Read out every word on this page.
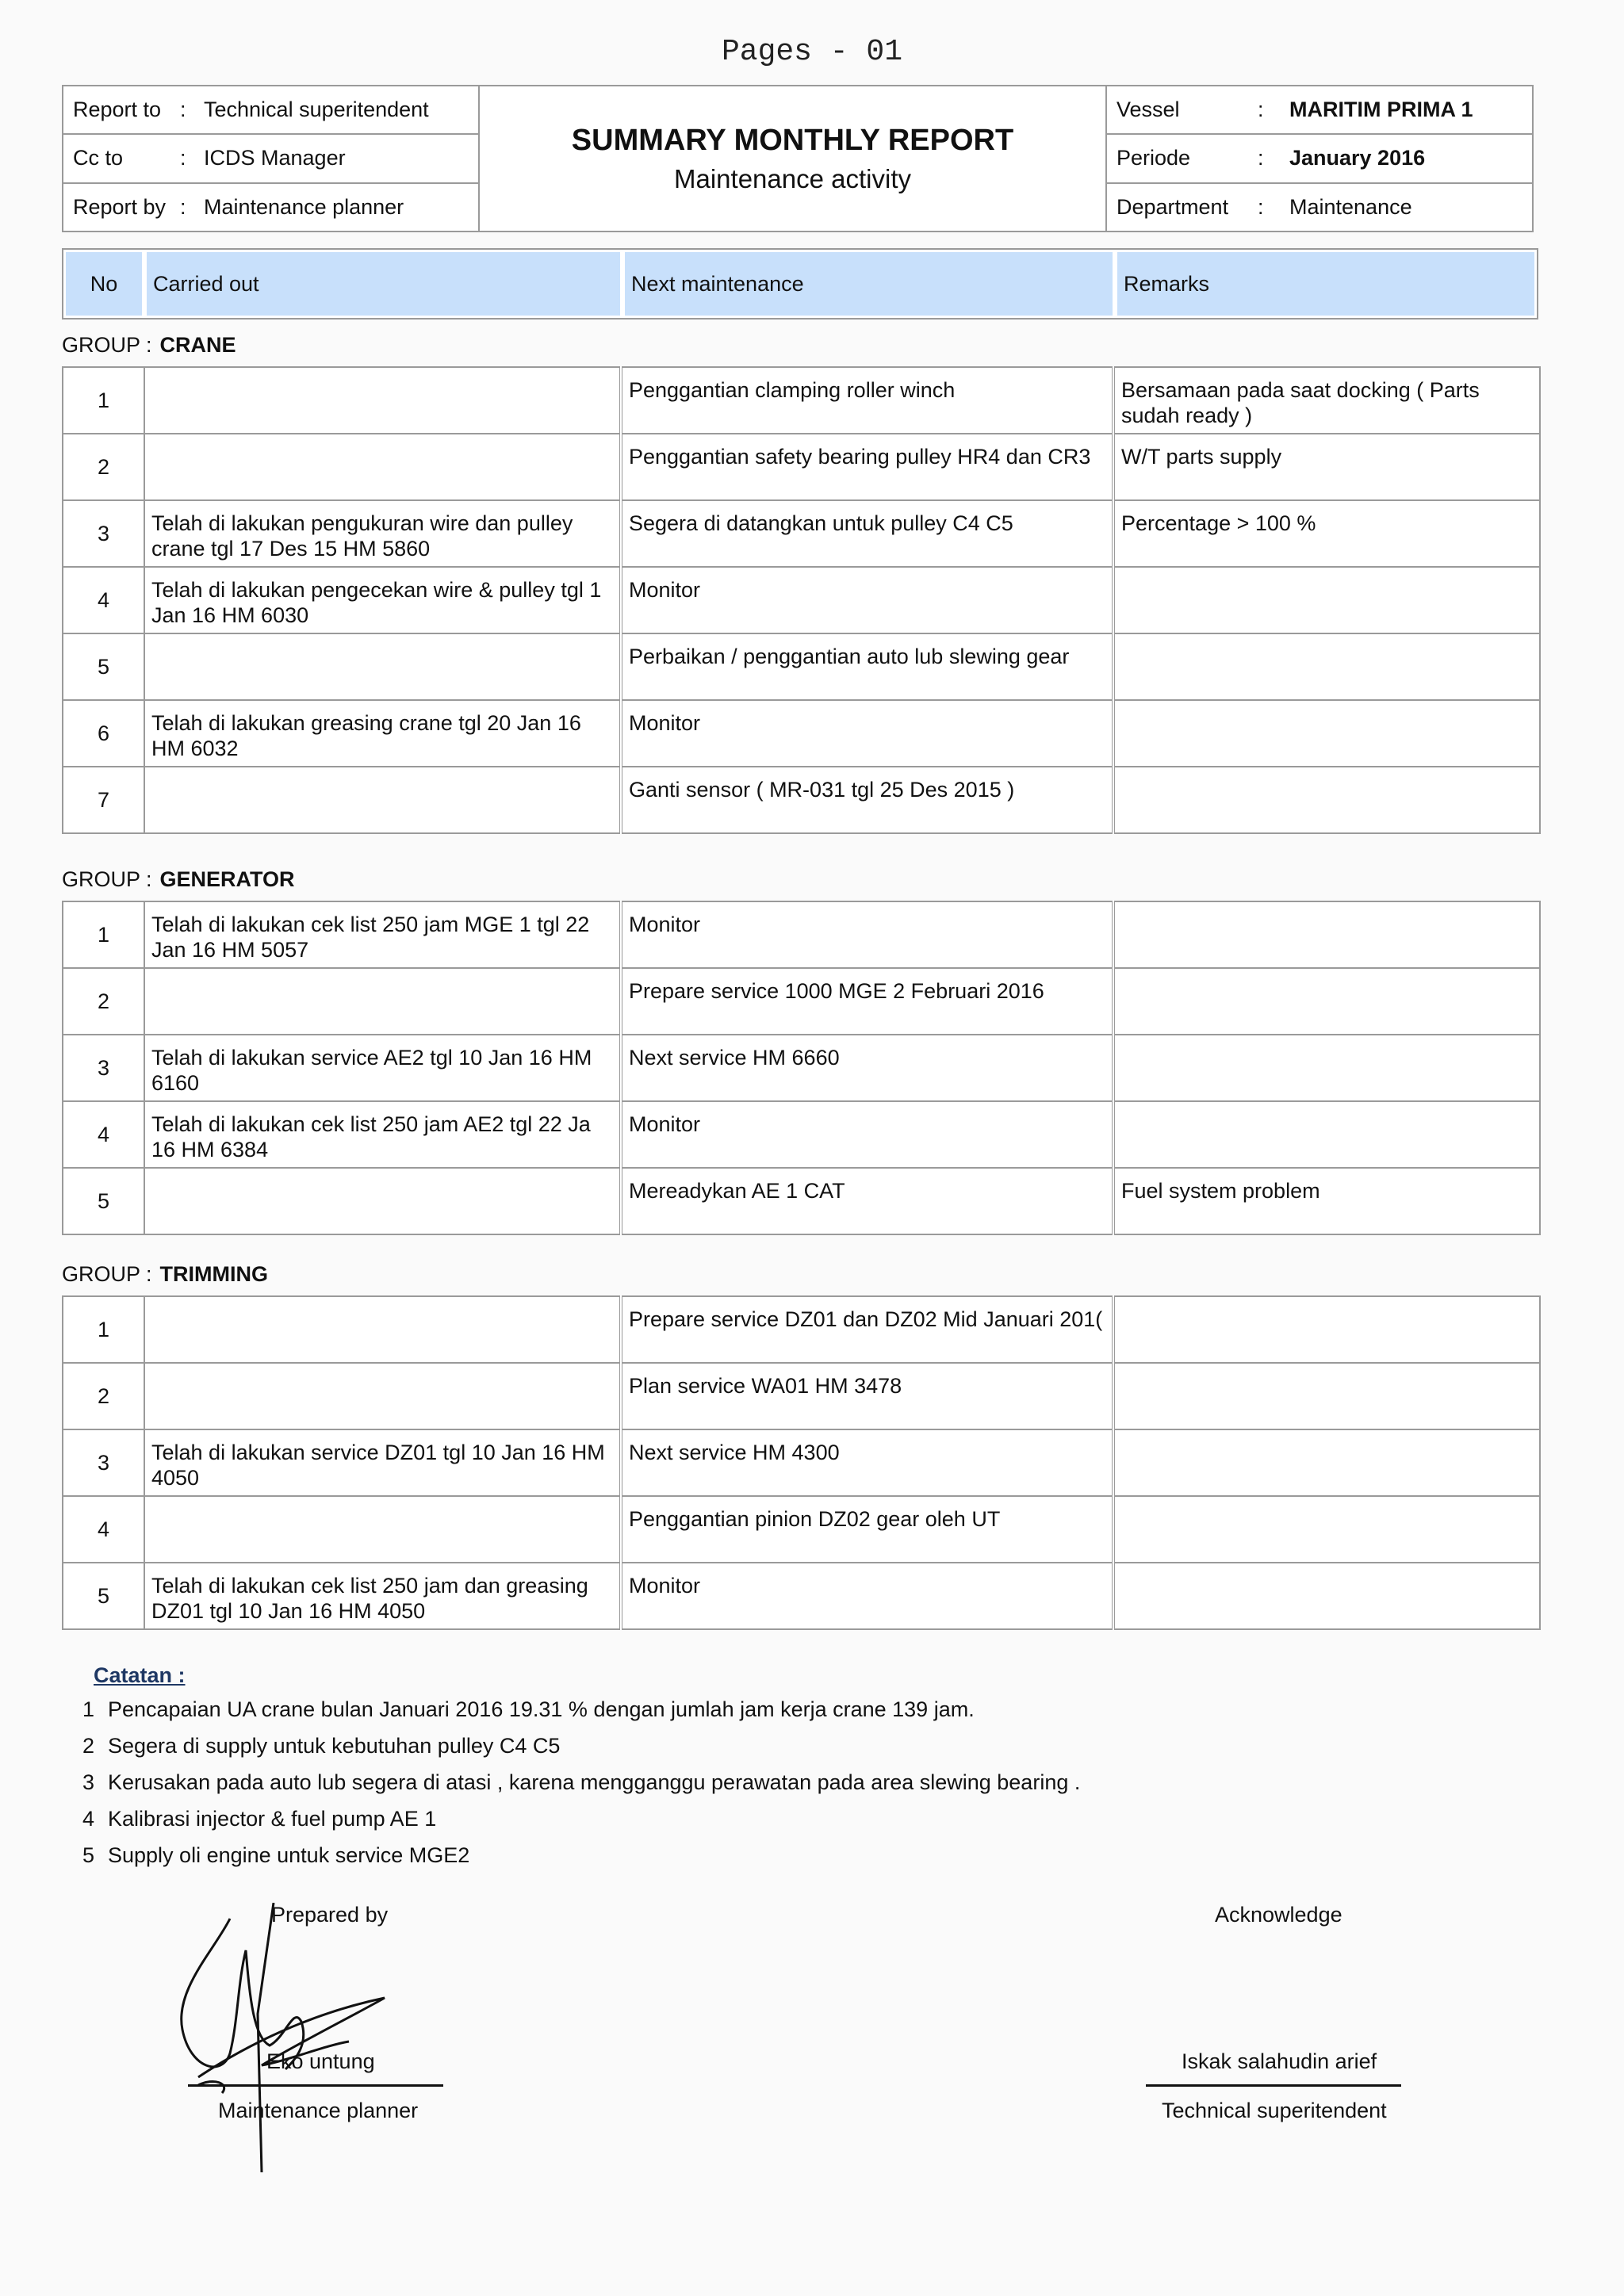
Pages - 01
Report to : Technical superitendent
Cc to	: ICDS Manager
Report by : Maintenance planner
SUMMARY MONTHLY REPORT
Maintenance activity
Vessel	:	MARITIM PRIMA 1
Periode	:	January 2016
Department	:	Maintenance
No	Carried out	Next maintenance	Remarks
GROUP : CRANE
1		Penggantian clamping roller winch	Bersamaan pada saat docking ( Parts sudah ready )
2		Penggantian safety bearing pulley HR4 dan CR3	W/T parts supply
3	Telah di lakukan pengukuran wire dan pulley crane tgl 17 Des 15 HM 5860	Segera di datangkan untuk pulley C4 C5	Percentage > 100 %
4	Telah di lakukan pengecekan wire & pulley tgl 1 Jan 16 HM 6030	Monitor	
5		Perbaikan / penggantian auto lub slewing gear	
6	Telah di lakukan greasing crane tgl 20 Jan 16 HM 6032	Monitor	
7		Ganti sensor ( MR-031 tgl 25 Des 2015 )	
GROUP : GENERATOR
1	Telah di lakukan cek list 250 jam MGE 1 tgl 22 Jan 16 HM 5057	Monitor	
2		Prepare service 1000 MGE 2 Februari 2016	
3	Telah di lakukan service AE2 tgl 10 Jan 16 HM 6160	Next service HM 6660	
4	Telah di lakukan cek list 250 jam AE2 tgl 22 Ja 16 HM 6384	Monitor	
5		Mereadykan AE 1 CAT	Fuel system problem
GROUP : TRIMMING
1		Prepare service DZ01 dan DZ02 Mid Januari 201(	
2		Plan service WA01 HM 3478	
3	Telah di lakukan service DZ01 tgl 10 Jan 16 HM 4050	Next service HM 4300	
4		Penggantian pinion DZ02 gear oleh UT	
5	Telah di lakukan cek list 250 jam dan greasing DZ01 tgl 10 Jan 16 HM 4050	Monitor	
Catatan :
1 Pencapaian UA crane bulan Januari 2016 19.31 % dengan jumlah jam kerja crane 139 jam.
2 Segera di supply untuk kebutuhan pulley C4 C5
3 Kerusakan pada auto lub segera di atasi , karena mengganggu perawatan pada area slewing bearing .
4 Kalibrasi injector & fuel pump AE 1
5 Supply oli engine untuk service MGE2
Prepared by	Acknowledge
Eko untung
Maintenance planner
Iskak salahudin arief
Technical superitendent
